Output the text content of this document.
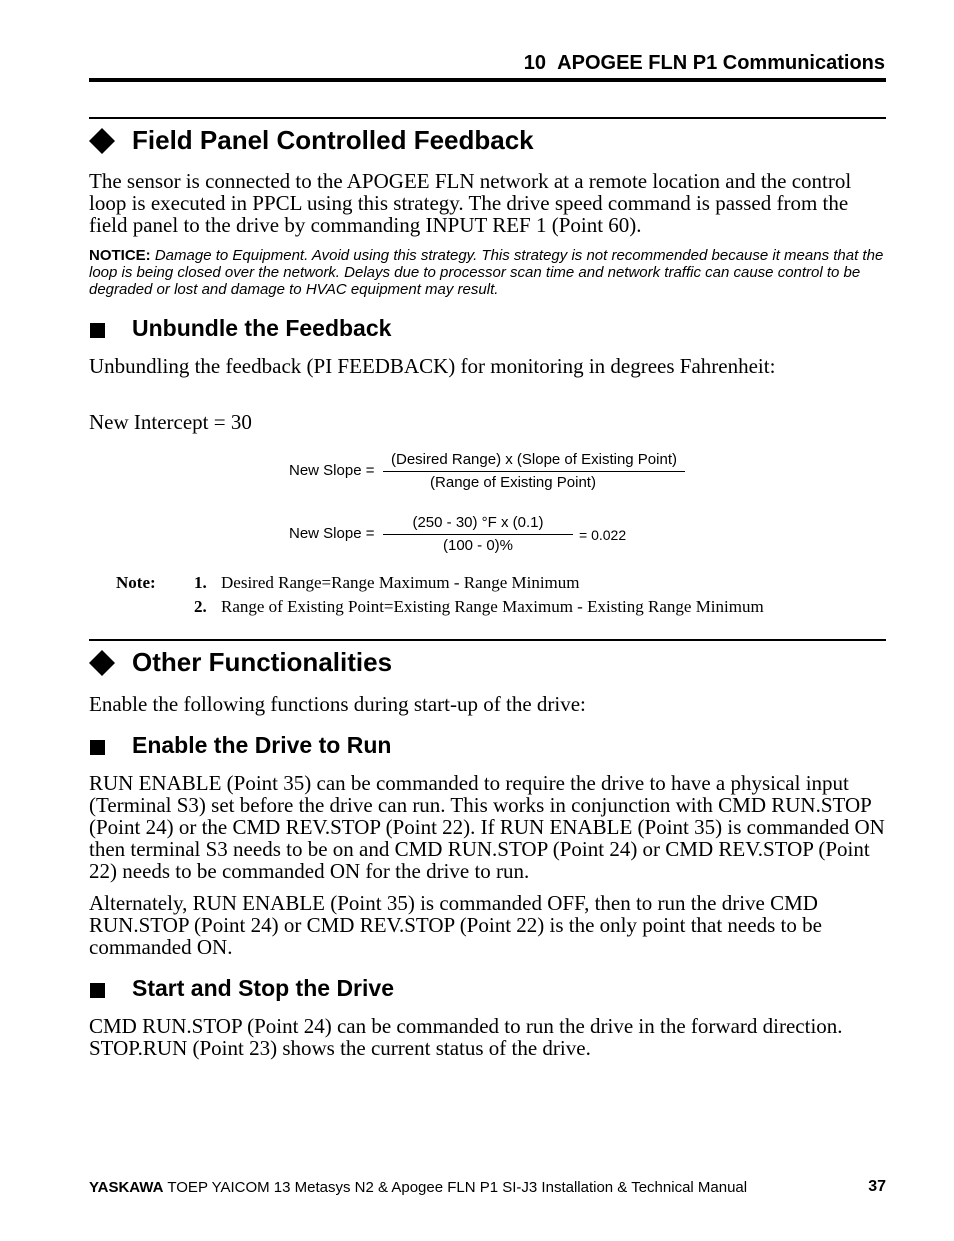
10 APOGEE FLN P1 Communications
Field Panel Controlled Feedback
The sensor is connected to the APOGEE FLN network at a remote location and the control loop is executed in PPCL using this strategy. The drive speed command is passed from the field panel to the drive by commanding INPUT REF 1 (Point 60).
NOTICE: Damage to Equipment. Avoid using this strategy. This strategy is not recommended because it means that the loop is being closed over the network. Delays due to processor scan time and network traffic can cause control to be degraded or lost and damage to HVAC equipment may result.
Unbundle the Feedback
Unbundling the feedback (PI FEEDBACK) for monitoring in degrees Fahrenheit:
New Intercept = 30
New Slope =
(Desired Range) x (Slope of Existing Point)
(Range of Existing Point)
New Slope =
(250 - 30) °F x (0.1)
(100 - 0)%
= 0.022
Note: 1. Desired Range=Range Maximum - Range Minimum
2. Range of Existing Point=Existing Range Maximum - Existing Range Minimum
Other Functionalities
Enable the following functions during start-up of the drive:
Enable the Drive to Run
RUN ENABLE (Point 35) can be commanded to require the drive to have a physical input (Terminal S3) set before the drive can run. This works in conjunction with CMD RUN.STOP (Point 24) or the CMD REV.STOP (Point 22). If RUN ENABLE (Point 35) is commanded ON then terminal S3 needs to be on and CMD RUN.STOP (Point 24) or CMD REV.STOP (Point 22) needs to be commanded ON for the drive to run.
Alternately, RUN ENABLE (Point 35) is commanded OFF, then to run the drive CMD RUN.STOP (Point 24) or CMD REV.STOP (Point 22) is the only point that needs to be commanded ON.
Start and Stop the Drive
CMD RUN.STOP (Point 24) can be commanded to run the drive in the forward direction. STOP.RUN (Point 23) shows the current status of the drive.
YASKAWA TOEP YAICOM 13 Metasys N2 & Apogee FLN P1 SI-J3 Installation & Technical Manual	37
